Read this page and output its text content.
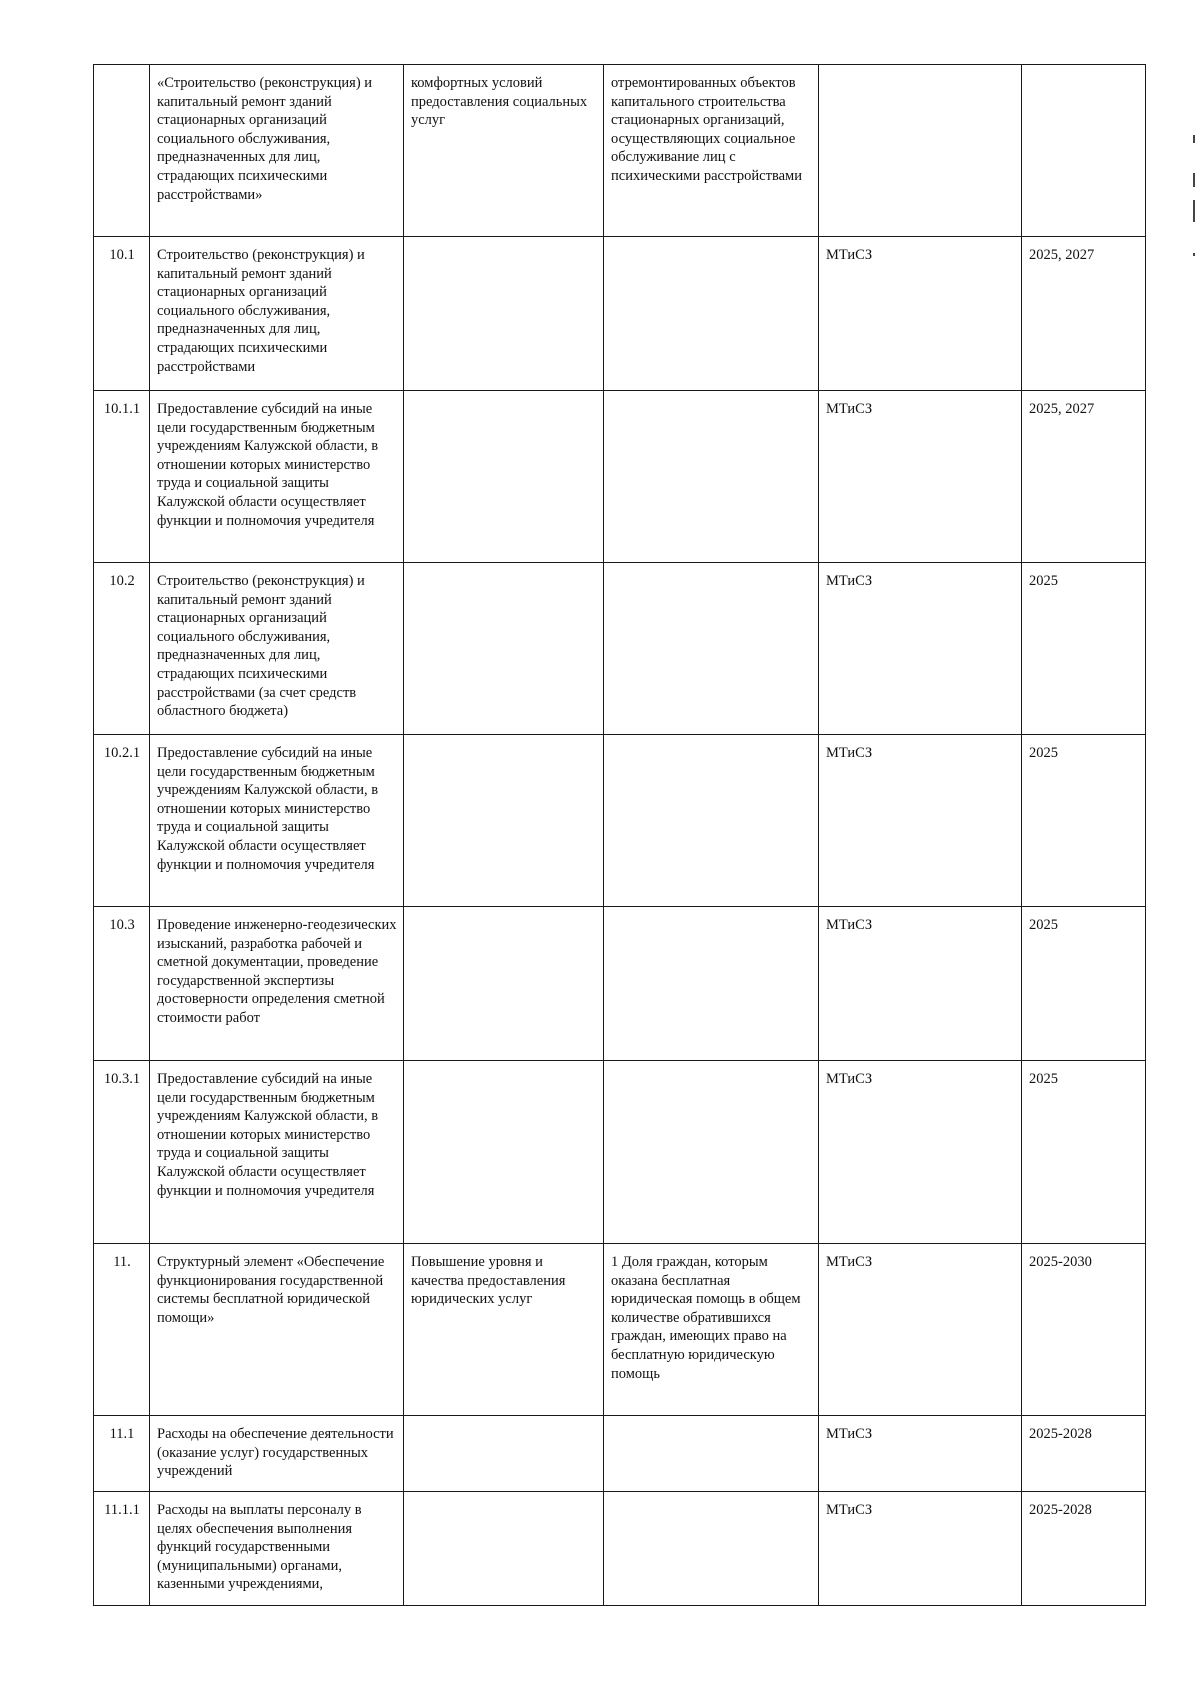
	«Строительство (реконструкция) и капитальный ремонт зданий стационарных организаций социального обслуживания, предназначенных для лиц, страдающих психическими расстройствами»	комфортных условий предоставления социальных услуг	отремонтированных объектов капитального строительства стационарных организаций, осуществляющих социальное обслуживание лиц с психическими расстройствами		

10.1	Строительство (реконструкция) и капитальный ремонт зданий стационарных организаций социального обслуживания, предназначенных для лиц, страдающих психическими расстройствами			МТиСЗ	2025, 2027

10.1.1	Предоставление субсидий на иные цели государственным бюджетным учреждениям Калужской области, в отношении которых министерство труда и социальной защиты Калужской области осуществляет функции и полномочия учредителя			МТиСЗ	2025, 2027

10.2	Строительство (реконструкция) и капитальный ремонт зданий стационарных организаций социального обслуживания, предназначенных для лиц, страдающих психическими расстройствами (за счет средств областного бюджета)			МТиСЗ	2025

10.2.1	Предоставление субсидий на иные цели государственным бюджетным учреждениям Калужской области, в отношении которых министерство труда и социальной защиты Калужской области осуществляет функции и полномочия учредителя			МТиСЗ	2025

10.3	Проведение инженерно-геодезических изысканий, разработка рабочей и сметной документации, проведение государственной экспертизы достоверности определения сметной стоимости работ			МТиСЗ	2025

10.3.1	Предоставление субсидий на иные цели государственным бюджетным учреждениям Калужской области, в отношении которых министерство труда и социальной защиты Калужской области осуществляет функции и полномочия учредителя			МТиСЗ	2025

11.	Структурный элемент «Обеспечение функционирования государственной системы бесплатной юридической помощи»	Повышение уровня и качества предоставления юридических услуг	1 Доля граждан, которым оказана бесплатная юридическая помощь в общем количестве обратившихся граждан, имеющих право на бесплатную юридическую помощь	МТиСЗ	2025-2030

11.1	Расходы на обеспечение деятельности (оказание услуг) государственных учреждений			МТиСЗ	2025-2028

11.1.1	Расходы на выплаты персоналу в целях обеспечения выполнения функций государственными (муниципальными) органами, казенными учреждениями,			МТиСЗ	2025-2028
